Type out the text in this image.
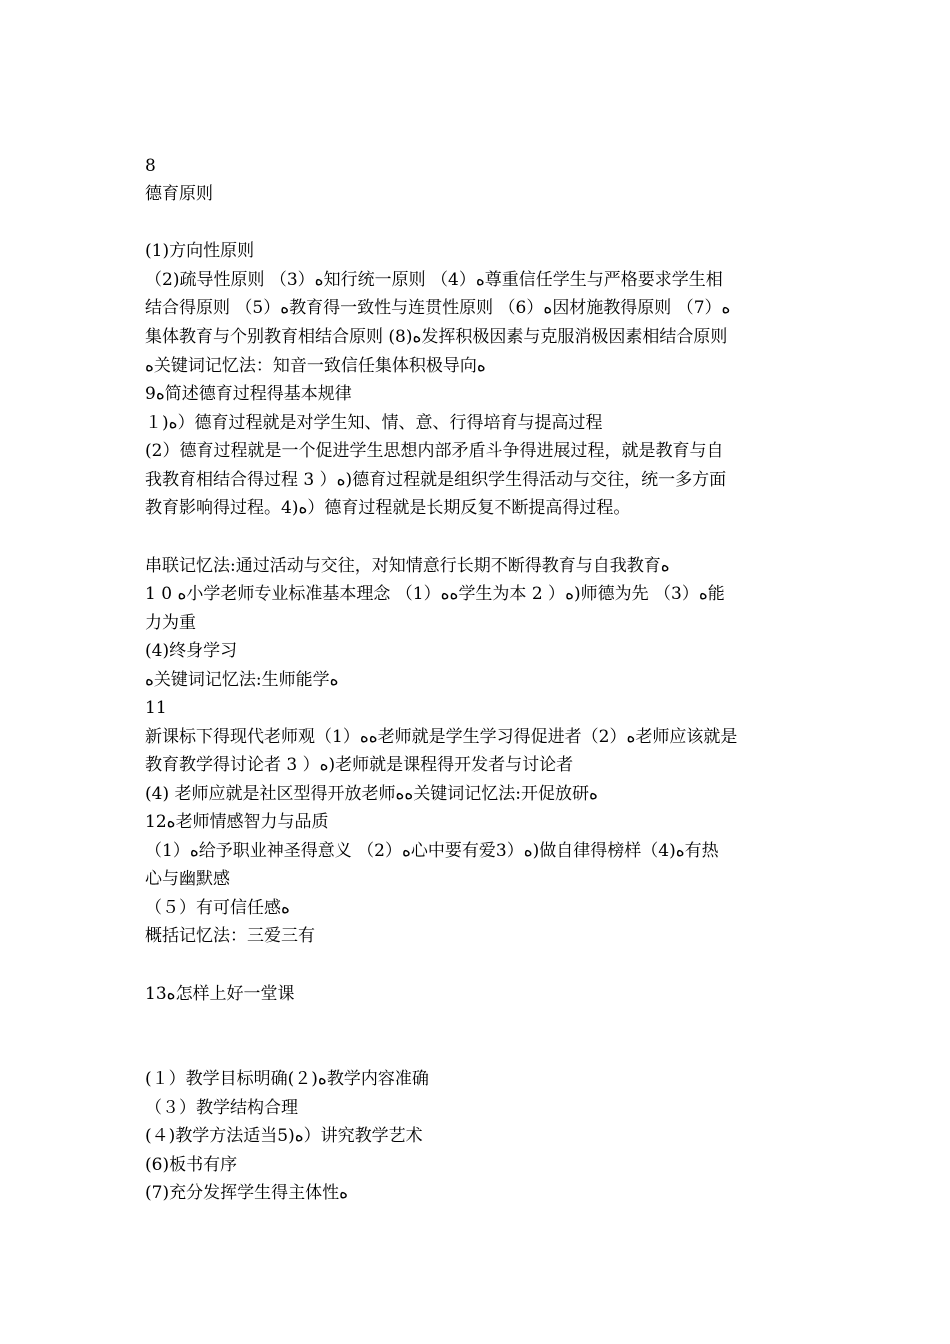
8
德育原则
(1)方向性原则
（2)疏导性原则 （3）ﻩ知行统一原则 （4）ﻩ尊重信任学生与严格要求学生相
结合得原则 （5）ﻩ教育得一致性与连贯性原则 （6）ﻩ因材施教得原则 （7）ﻩ
集体教育与个别教育相结合原则 (8)ﻩ发挥积极因素与克服消极因素相结合原则
ﻩ关键词记忆法：知音一致信任集体积极导向ﻩ
9ﻩ简述德育过程得基本规律
１)ﻩ）德育过程就是对学生知、情、意、行得培育与提高过程
(2）德育过程就是一个促进学生思想内部矛盾斗争得进展过程，就是教育与自
我教育相结合得过程 3 ）ﻩ)德育过程就是组织学生得活动与交往，统一多方面
教育影响得过程。4)ﻩ）德育过程就是长期反复不断提高得过程。
串联记忆法:通过活动与交往，对知情意行长期不断得教育与自我教育ﻩ
1 0 ﻩ小学老师专业标准基本理念 （1）ﻩﻩ学生为本 2 ）ﻩ)师德为先 （3）ﻩ能
力为重
(4)终身学习
ﻩ关键词记忆法:生师能学ﻩ
11
新课标下得现代老师观（1）ﻩﻩ老师就是学生学习得促进者（2）ﻩ老师应该就是
教育教学得讨论者 3 ）ﻩ)老师就是课程得开发者与讨论者
(4) 老师应就是社区型得开放老师ﻩﻩ关键词记忆法:开促放研ﻩ
12ﻩ老师情感智力与品质
（1）ﻩ给予职业神圣得意义 （2）ﻩ心中要有爱3）ﻩ)做自律得榜样（4)ﻩ有热
心与幽默感
（５）有可信任感ﻩ
概括记忆法：三爱三有
13ﻩ怎样上好一堂课
(１）教学目标明确(２)ﻩ教学内容准确
（３）教学结构合理
(４)教学方法适当5)ﻩ）讲究教学艺术
(6)板书有序
(7)充分发挥学生得主体性ﻩ
